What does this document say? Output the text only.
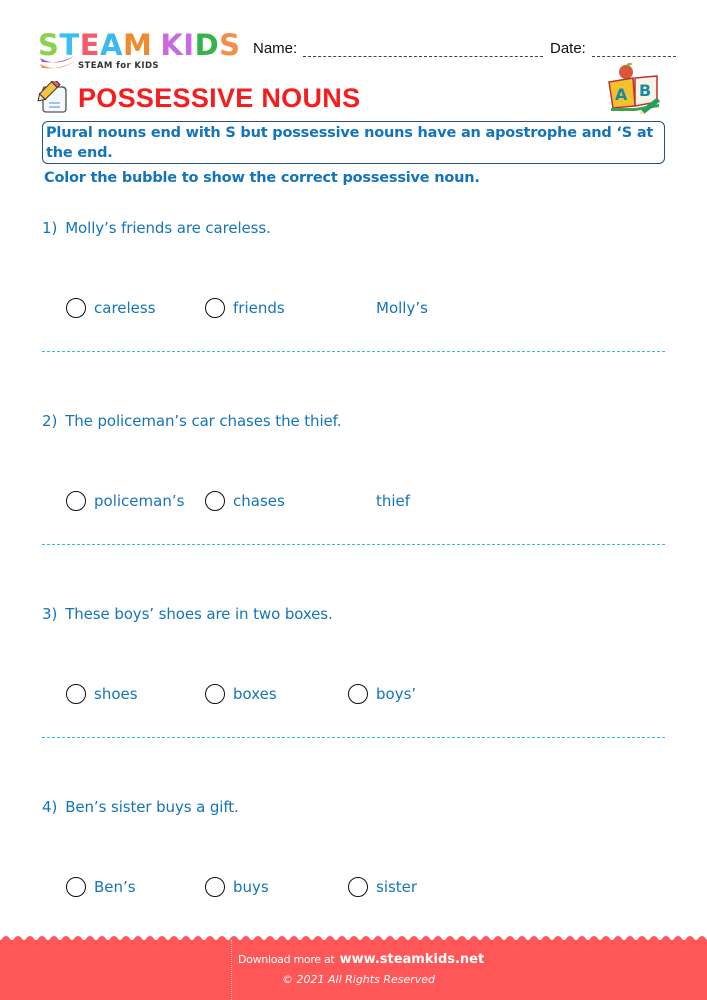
STEAM KIDS
STEAM for KIDS
Name:	Date:
POSSESSIVE NOUNS	A B
Plural nouns end with S but possessive nouns have an apostrophe and ‘S at the end.
Color the bubble to show the correct possessive noun.
1) Molly’s friends are careless.
careless	friends	Molly’s
2) The policeman’s car chases the thief.
policeman’s	chases	thief
3) These boys’ shoes are in two boxes.
shoes	boxes	boys’
4) Ben’s sister buys a gift.
Ben’s	buys	sister
Download more at www.steamkids.net
© 2021 All Rights Reserved
